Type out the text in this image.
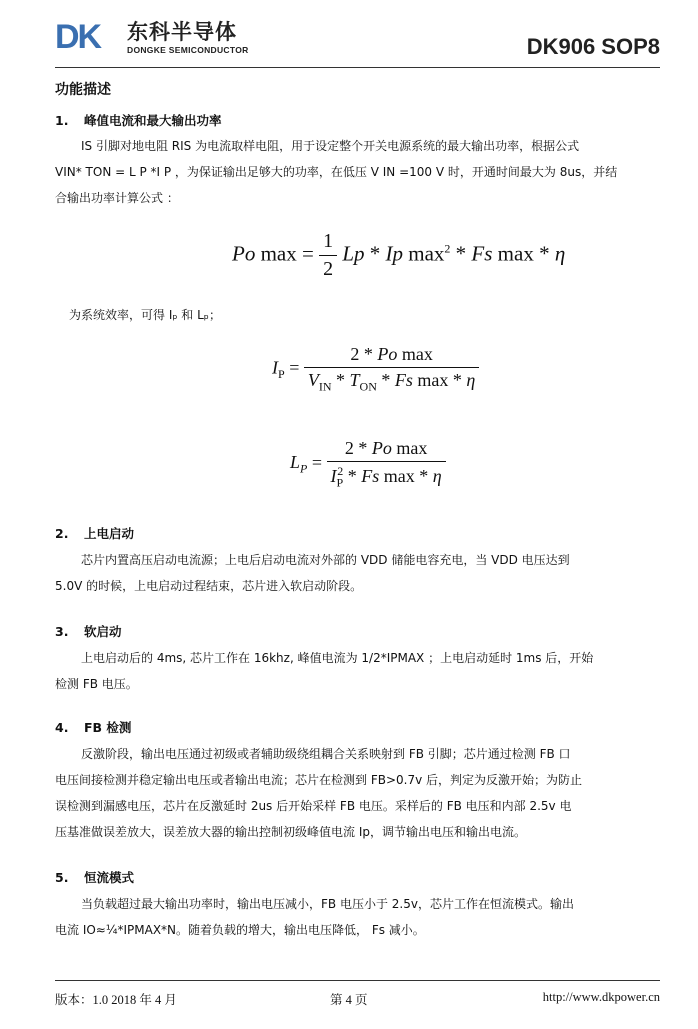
DK 东科半导体
DONGKE SEMICONDUCTOR	DK906 SOP8
功能描述
1. 峰值电流和最大输出功率
IS 引脚对地电阻 RIS 为电流取样电阻，用于设定整个开关电源系统的最大输出功率，根据公式
VIN* TON = L P *I P ，为保证输出足够大的功率，在低压 V IN =100 V 时，开通时间最大为 8us，并结
合输出功率计算公式 ：
Po $\max = \frac{1}{2}$ Lp * Ip $\max^2$ * Fs max * η
为系统效率，可得 Iₚ 和 Lₚ；
$I_P = \frac{\text{2 * Po max}}{V_{IN} * T_{ON} * Fs \max * \eta}$
$L_P = \frac{\text{2 * Po max}}{I_P^2 * Fs \max * \eta}$
2. 上电启动
芯片内置高压启动电流源；上电后启动电流对外部的 VDD 储能电容充电，当 VDD 电压达到
5.0V 的时候，上电启动过程结束，芯片进入软启动阶段。
3. 软启动
上电启动后的 4ms, 芯片工作在 16khz, 峰值电流为 1/2*IPMAX ；上电启动延时 1ms 后，开始
检测 FB 电压。
4. FB 检测
反激阶段，输出电压通过初级或者辅助级绕组耦合关系映射到 FB 引脚；芯片通过检测 FB 口
电压间接检测并稳定输出电压或者输出电流；芯片在检测到 FB>0.7v 后，判定为反激开始；为防止
误检测到漏感电压，芯片在反激延时 2us 后开始采样 FB 电压。采样后的 FB 电压和内部 2.5v 电
压基准做误差放大，误差放大器的输出控制初级峰值电流 Ip，调节输出电压和输出电流。
5. 恒流模式
当负载超过最大输出功率时，输出电压减小，FB 电压小于 2.5v，芯片工作在恒流模式。输出
电流 IO≈¼*IPMAX*N。随着负载的增大，输出电压降低， Fs 减小。
版本：1.0 2018 年 4 月	第 4 页	http://www.dkpower.cn
